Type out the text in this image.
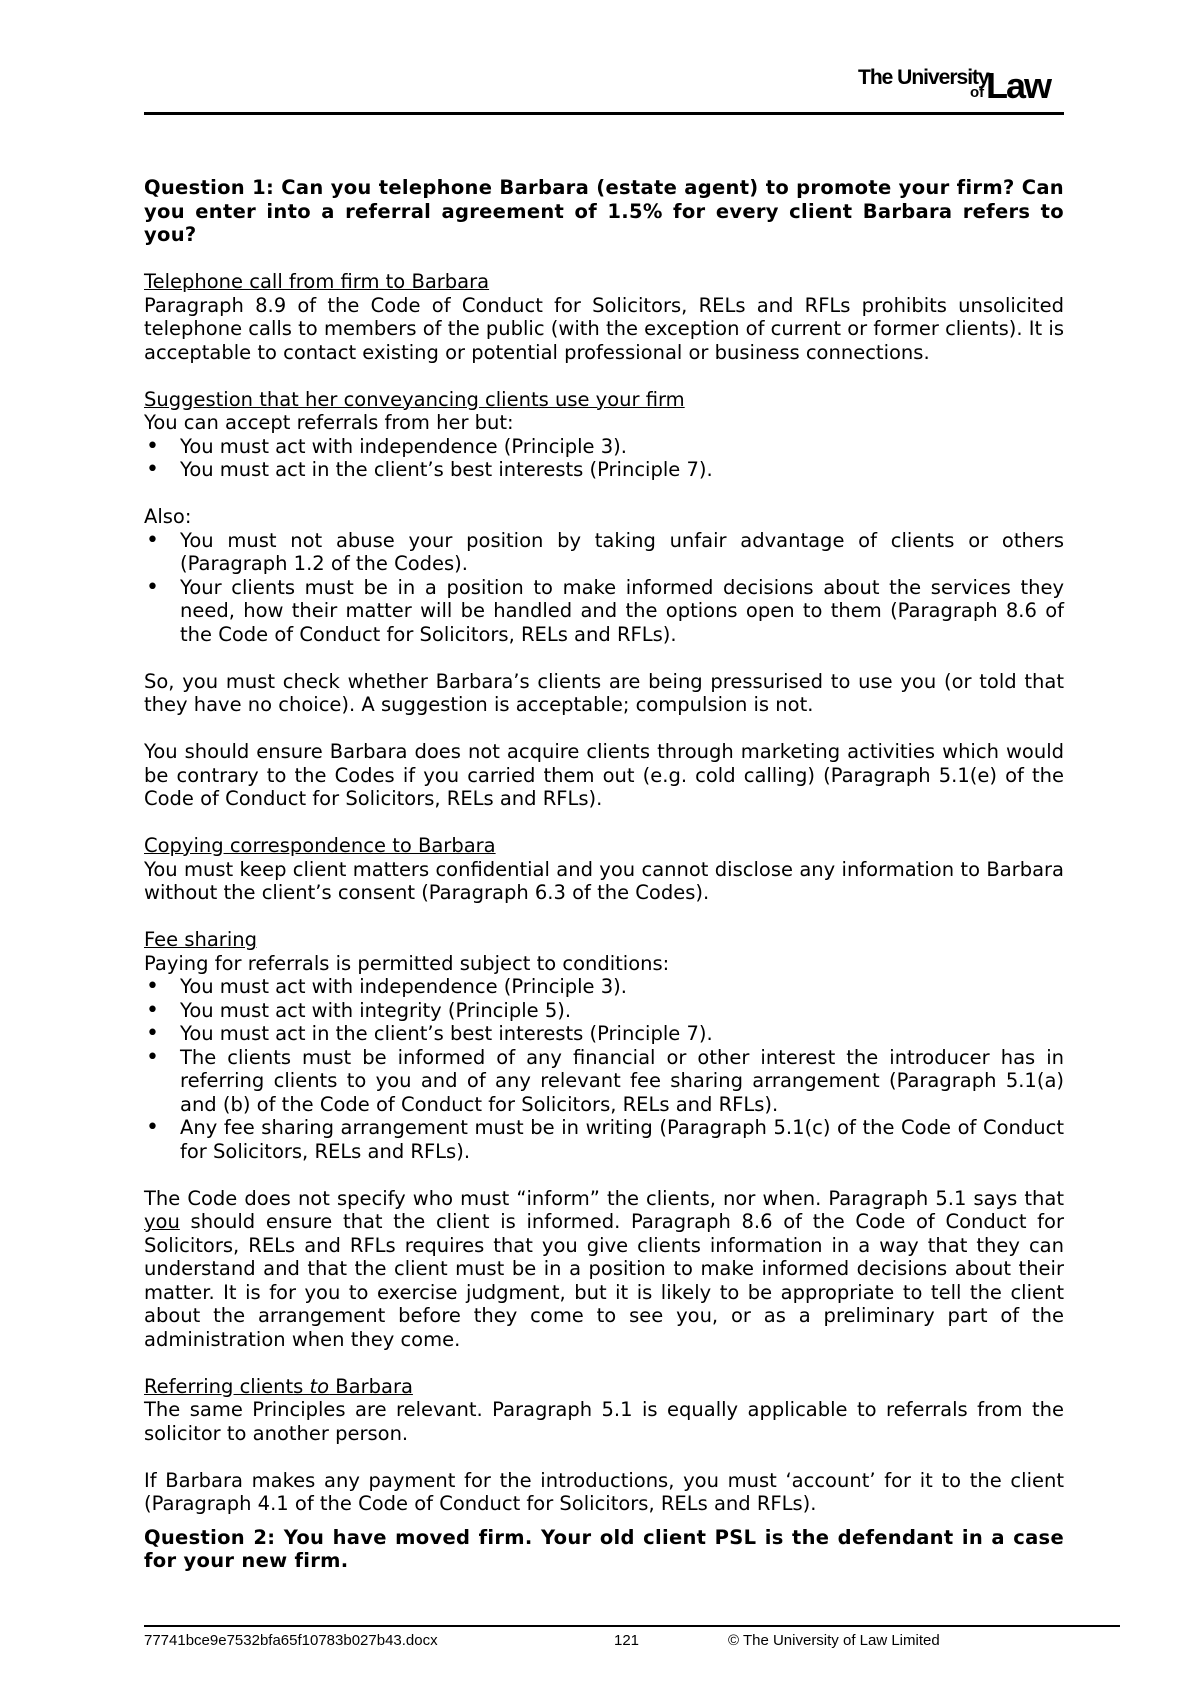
The University
of Law

Question 1: Can you telephone Barbara (estate agent) to promote your firm? Can you enter into a referral agreement of 1.5% for every client Barbara refers to you?

Telephone call from firm to Barbara

Paragraph 8.9 of the Code of Conduct for Solicitors, RELs and RFLs prohibits unsolicited telephone calls to members of the public (with the exception of current or former clients). It is acceptable to contact existing or potential professional or business connections.

Suggestion that her conveyancing clients use your firm

You can accept referrals from her but:

• You must act with independence (Principle 3).
• You must act in the client’s best interests (Principle 7).

Also:

• You must not abuse your position by taking unfair advantage of clients or others (Paragraph 1.2 of the Codes).
• Your clients must be in a position to make informed decisions about the services they need, how their matter will be handled and the options open to them (Paragraph 8.6 of the Code of Conduct for Solicitors, RELs and RFLs).

So, you must check whether Barbara’s clients are being pressurised to use you (or told that they have no choice). A suggestion is acceptable; compulsion is not.

You should ensure Barbara does not acquire clients through marketing activities which would be contrary to the Codes if you carried them out (e.g. cold calling) (Paragraph 5.1(e) of the Code of Conduct for Solicitors, RELs and RFLs).

Copying correspondence to Barbara

You must keep client matters confidential and you cannot disclose any information to Barbara without the client’s consent (Paragraph 6.3 of the Codes).

Fee sharing

Paying for referrals is permitted subject to conditions:

• You must act with independence (Principle 3).
• You must act with integrity (Principle 5).
• You must act in the client’s best interests (Principle 7).
• The clients must be informed of any financial or other interest the introducer has in referring clients to you and of any relevant fee sharing arrangement (Paragraph 5.1(a) and (b) of the Code of Conduct for Solicitors, RELs and RFLs).
• Any fee sharing arrangement must be in writing (Paragraph 5.1(c) of the Code of Conduct for Solicitors, RELs and RFLs).

The Code does not specify who must “inform” the clients, nor when. Paragraph 5.1 says that you should ensure that the client is informed. Paragraph 8.6 of the Code of Conduct for Solicitors, RELs and RFLs requires that you give clients information in a way that they can understand and that the client must be in a position to make informed decisions about their matter. It is for you to exercise judgment, but it is likely to be appropriate to tell the client about the arrangement before they come to see you, or as a preliminary part of the administration when they come.

Referring clients to Barbara

The same Principles are relevant. Paragraph 5.1 is equally applicable to referrals from the solicitor to another person.

If Barbara makes any payment for the introductions, you must ‘account’ for it to the client (Paragraph 4.1 of the Code of Conduct for Solicitors, RELs and RFLs).

Question 2: You have moved firm. Your old client PSL is the defendant in a case for your new firm.

77741bce9e7532bfa65f10783b027b43.docx	121	© The University of Law Limited
